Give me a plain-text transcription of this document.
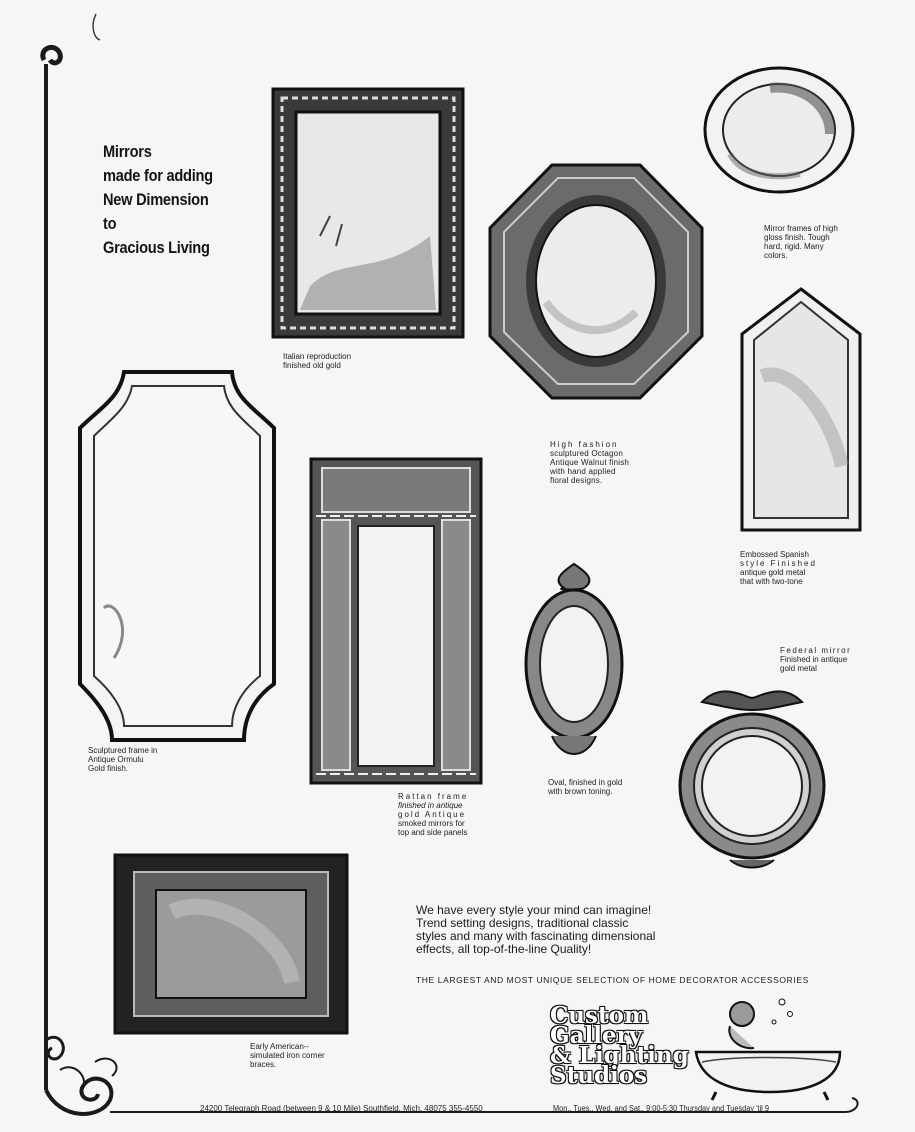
Mirrors
made for adding
New Dimension
to
Gracious Living
Italian reproduction
finished old gold
Mirror frames of high
gloss finish. Tough
hard, rigid. Many
colors.
High fashion
sculptured Octagon
Antique Walnut finish
with hand applied
floral designs.
Embossed Spanish
style Finished
antique gold metal
that with two-tone
Sculptured frame in
Antique Ormulu
Gold finish.
Rattan frame
finished in antique
gold Antique
smoked mirrors for
top and side panels
Oval, finished in gold
with brown toning.
Federal mirror
Finished in antique
gold metal
Early American--
simulated iron corner
braces.
We have every style your mind can imagine!
Trend setting designs, traditional classic
styles and many with fascinating dimensional
effects, all top-of-the-line Quality!
THE LARGEST AND MOST UNIQUE SELECTION OF HOME DECORATOR ACCESSORIES
Custom
Gallery
& Lighting
Studios
24200 Telegraph Road (between 9 & 10 Mile) Southfield, Mich. 48075 355-4550	Mon., Tues., Wed. and Sat., 9:00-5:30 Thursday and Tuesday 'til 9
